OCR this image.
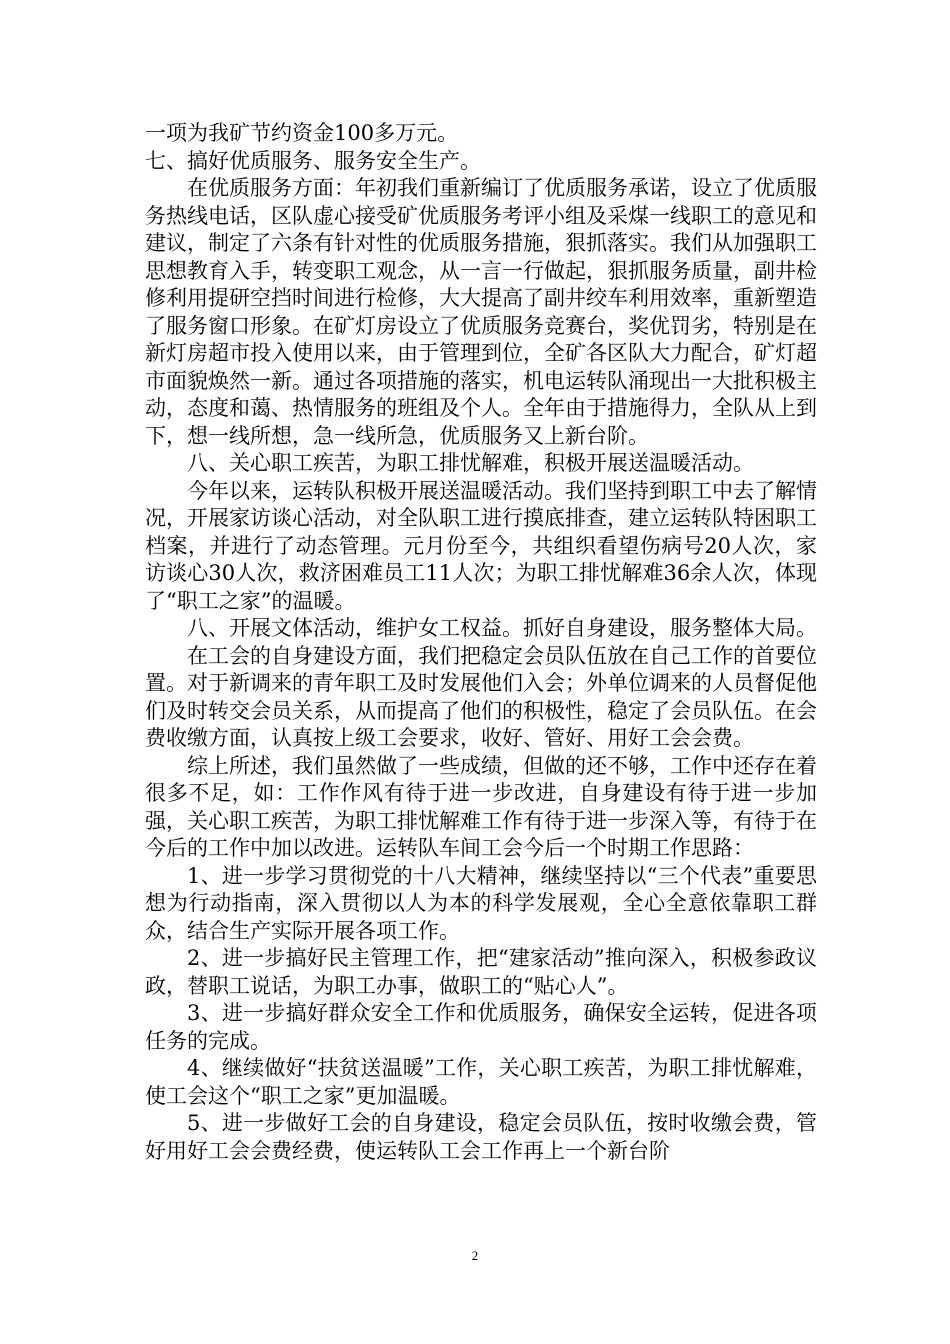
一项为我矿节约资金100多万元。

七、搞好优质服务、服务安全生产。

在优质服务方面：年初我们重新编订了优质服务承诺，设立了优质服务热线电话，区队虚心接受矿优质服务考评小组及采煤一线职工的意见和建议，制定了六条有针对性的优质服务措施，狠抓落实。我们从加强职工思想教育入手，转变职工观念，从一言一行做起，狠抓服务质量，副井检修利用提研空挡时间进行检修，大大提高了副井绞车利用效率，重新塑造了服务窗口形象。在矿灯房设立了优质服务竞赛台，奖优罚劣，特别是在新灯房超市投入使用以来，由于管理到位，全矿各区队大力配合，矿灯超市面貌焕然一新。通过各项措施的落实，机电运转队涌现出一大批积极主动，态度和蔼、热情服务的班组及个人。全年由于措施得力，全队从上到下，想一线所想，急一线所急，优质服务又上新台阶。

八、关心职工疾苦，为职工排忧解难，积极开展送温暖活动。

今年以来，运转队积极开展送温暖活动。我们坚持到职工中去了解情况，开展家访谈心活动，对全队职工进行摸底排查，建立运转队特困职工档案，并进行了动态管理。元月份至今，共组织看望伤病号20人次，家访谈心30人次，救济困难员工11人次；为职工排忧解难36余人次，体现了“职工之家”的温暖。

八、开展文体活动，维护女工权益。抓好自身建设，服务整体大局。

在工会的自身建设方面，我们把稳定会员队伍放在自己工作的首要位置。对于新调来的青年职工及时发展他们入会；外单位调来的人员督促他们及时转交会员关系，从而提高了他们的积极性，稳定了会员队伍。在会费收缴方面，认真按上级工会要求，收好、管好、用好工会会费。

综上所述，我们虽然做了一些成绩，但做的还不够，工作中还存在着很多不足，如：工作作风有待于进一步改进，自身建设有待于进一步加强，关心职工疾苦，为职工排忧解难工作有待于进一步深入等，有待于在今后的工作中加以改进。运转队车间工会今后一个时期工作思路：

1、进一步学习贯彻党的十八大精神，继续坚持以“三个代表”重要思想为行动指南，深入贯彻以人为本的科学发展观，全心全意依靠职工群众，结合生产实际开展各项工作。

2、进一步搞好民主管理工作，把“建家活动”推向深入，积极参政议政，替职工说话，为职工办事，做职工的“贴心人”。

3、进一步搞好群众安全工作和优质服务，确保安全运转，促进各项任务的完成。

4、继续做好“扶贫送温暖”工作，关心职工疾苦，为职工排忧解难，使工会这个“职工之家”更加温暖。

5、进一步做好工会的自身建设，稳定会员队伍，按时收缴会费，管好用好工会会费经费，使运转队工会工作再上一个新台阶

2
